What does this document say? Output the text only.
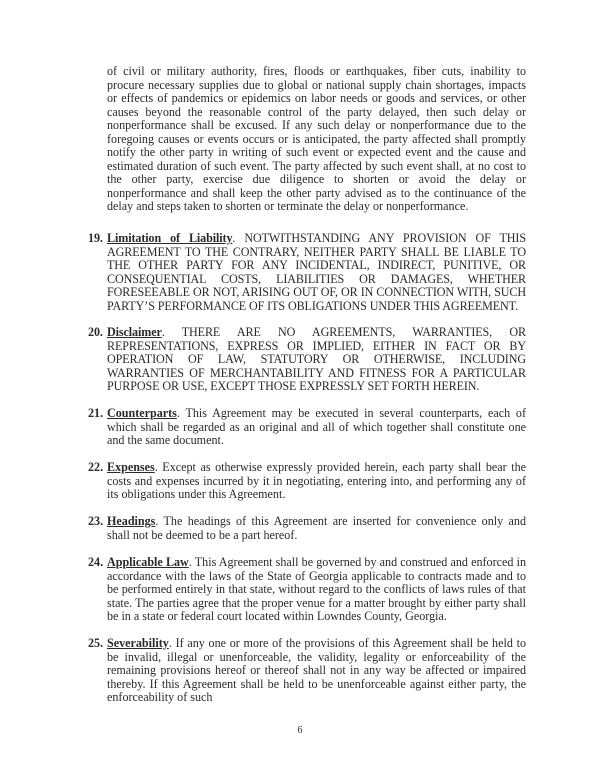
of civil or military authority, fires, floods or earthquakes, fiber cuts, inability to procure necessary supplies due to global or national supply chain shortages, impacts or effects of pandemics or epidemics on labor needs or goods and services, or other causes beyond the reasonable control of the party delayed, then such delay or nonperformance shall be excused. If any such delay or nonperformance due to the foregoing causes or events occurs or is anticipated, the party affected shall promptly notify the other party in writing of such event or expected event and the cause and estimated duration of such event. The party affected by such event shall, at no cost to the other party, exercise due diligence to shorten or avoid the delay or nonperformance and shall keep the other party advised as to the continuance of the delay and steps taken to shorten or terminate the delay or nonperformance.
19. Limitation of Liability. NOTWITHSTANDING ANY PROVISION OF THIS AGREEMENT TO THE CONTRARY, NEITHER PARTY SHALL BE LIABLE TO THE OTHER PARTY FOR ANY INCIDENTAL, INDIRECT, PUNITIVE, OR CONSEQUENTIAL COSTS, LIABILITIES OR DAMAGES, WHETHER FORESEEABLE OR NOT, ARISING OUT OF, OR IN CONNECTION WITH, SUCH PARTY’S PERFORMANCE OF ITS OBLIGATIONS UNDER THIS AGREEMENT.
20. Disclaimer. THERE ARE NO AGREEMENTS, WARRANTIES, OR REPRESENTATIONS, EXPRESS OR IMPLIED, EITHER IN FACT OR BY OPERATION OF LAW, STATUTORY OR OTHERWISE, INCLUDING WARRANTIES OF MERCHANTABILITY AND FITNESS FOR A PARTICULAR PURPOSE OR USE, EXCEPT THOSE EXPRESSLY SET FORTH HEREIN.
21. Counterparts. This Agreement may be executed in several counterparts, each of which shall be regarded as an original and all of which together shall constitute one and the same document.
22. Expenses. Except as otherwise expressly provided herein, each party shall bear the costs and expenses incurred by it in negotiating, entering into, and performing any of its obligations under this Agreement.
23. Headings. The headings of this Agreement are inserted for convenience only and shall not be deemed to be a part hereof.
24. Applicable Law. This Agreement shall be governed by and construed and enforced in accordance with the laws of the State of Georgia applicable to contracts made and to be performed entirely in that state, without regard to the conflicts of laws rules of that state. The parties agree that the proper venue for a matter brought by either party shall be in a state or federal court located within Lowndes County, Georgia.
25. Severability. If any one or more of the provisions of this Agreement shall be held to be invalid, illegal or unenforceable, the validity, legality or enforceability of the remaining provisions hereof or thereof shall not in any way be affected or impaired thereby. If this Agreement shall be held to be unenforceable against either party, the enforceability of such
6
